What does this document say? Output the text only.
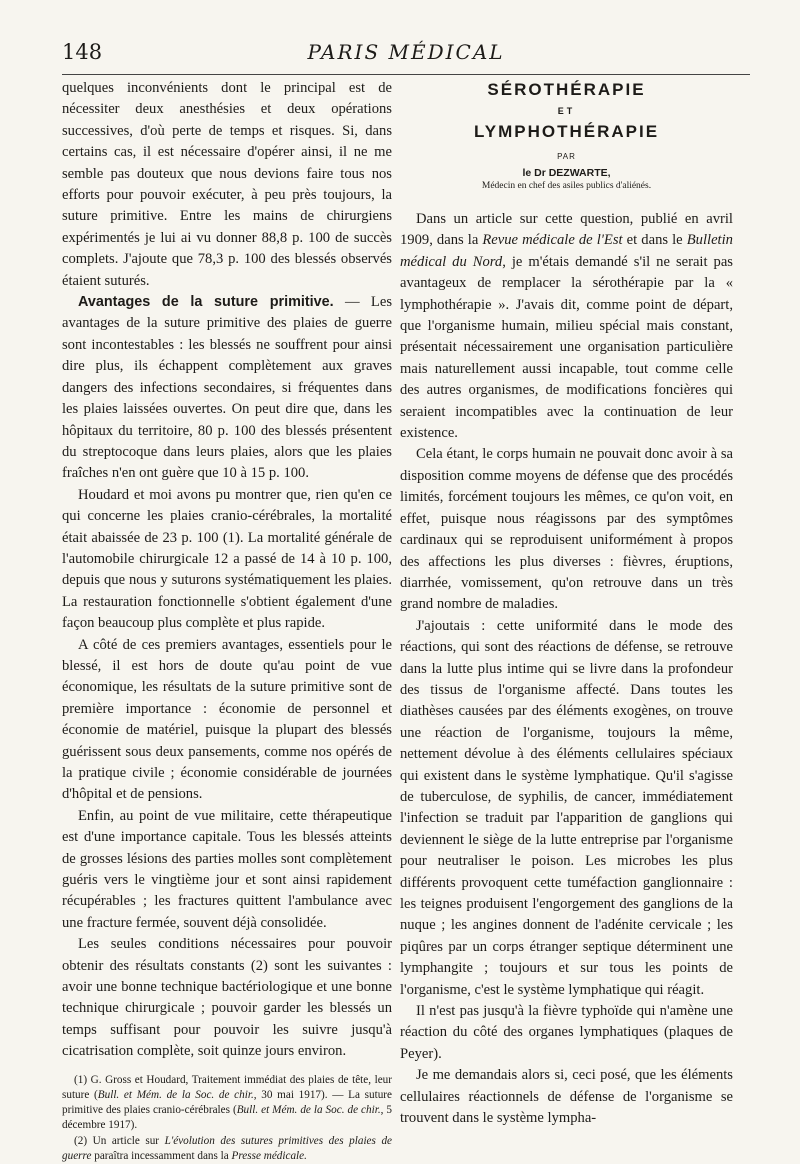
148	PARIS MÉDICAL

quelques inconvénients dont le principal est de nécessiter deux anesthésies et deux opérations successives, d'où perte de temps et risques. Si, dans certains cas, il est nécessaire d'opérer ainsi, il ne me semble pas douteux que nous devions faire tous nos efforts pour pouvoir exécuter, à peu près toujours, la suture primitive. Entre les mains de chirurgiens expérimentés je lui ai vu donner 88,8 p. 100 de succès complets. J'ajoute que 78,3 p. 100 des blessés observés étaient suturés.

Avantages de la suture primitive. — Les avantages de la suture primitive des plaies de guerre sont incontestables : les blessés ne souffrent pour ainsi dire plus, ils échappent complètement aux graves dangers des infections secondaires, si fréquentes dans les plaies laissées ouvertes. On peut dire que, dans les hôpitaux du territoire, 80 p. 100 des blessés présentent du streptocoque dans leurs plaies, alors que les plaies fraîches n'en ont guère que 10 à 15 p. 100.

Houdard et moi avons pu montrer que, rien qu'en ce qui concerne les plaies cranio-cérébrales, la mortalité était abaissée de 23 p. 100 (1). La mortalité générale de l'automobile chirurgicale 12 a passé de 14 à 10 p. 100, depuis que nous y suturons systématiquement les plaies. La restauration fonctionnelle s'obtient également d'une façon beaucoup plus complète et plus rapide.

A côté de ces premiers avantages, essentiels pour le blessé, il est hors de doute qu'au point de vue économique, les résultats de la suture primitive sont de première importance : économie de personnel et économie de matériel, puisque la plupart des blessés guérissent sous deux pansements, comme nos opérés de la pratique civile ; économie considérable de journées d'hôpital et de pensions.

Enfin, au point de vue militaire, cette thérapeutique est d'une importance capitale. Tous les blessés atteints de grosses lésions des parties molles sont complètement guéris vers le vingtième jour et sont ainsi rapidement récupérables ; les fractures quittent l'ambulance avec une fracture fermée, souvent déjà consolidée.

Les seules conditions nécessaires pour pouvoir obtenir des résultats constants (2) sont les suivantes : avoir une bonne technique bactériologique et une bonne technique chirurgicale ; pouvoir garder les blessés un temps suffisant pour pouvoir les suivre jusqu'à cicatrisation complète, soit quinze jours environ.

(1) G. Gross et Houdard, Traitement immédiat des plaies de tête, leur suture (Bull. et Mém. de la Soc. de chir., 30 mai 1917). — La suture primitive des plaies cranio-cérébrales (Bull. et Mém. de la Soc. de chir., 5 décembre 1917).

(2) Un article sur L'évolution des sutures primitives des plaies de guerre paraîtra incessamment dans la Presse médicale.

SÉROTHÉRAPIE
ET
LYMPHOTHÉRAPIE
PAR
le Dr DEZWARTE,
Médecin en chef des asiles publics d'aliénés.

Dans un article sur cette question, publié en avril 1909, dans la Revue médicale de l'Est et dans le Bulletin médical du Nord, je m'étais demandé s'il ne serait pas avantageux de remplacer la sérothérapie par la « lymphothérapie ». J'avais dit, comme point de départ, que l'organisme humain, milieu spécial mais constant, présentait nécessairement une organisation particulière mais naturellement aussi incapable, tout comme celle des autres organismes, de modifications foncières qui seraient incompatibles avec la continuation de leur existence.

Cela étant, le corps humain ne pouvait donc avoir à sa disposition comme moyens de défense que des procédés limités, forcément toujours les mêmes, ce qu'on voit, en effet, puisque nous réagissons par des symptômes cardinaux qui se reproduisent uniformément à propos des affections les plus diverses : fièvres, éruptions, diarrhée, vomissement, qu'on retrouve dans un très grand nombre de maladies.

J'ajoutais : cette uniformité dans le mode des réactions, qui sont des réactions de défense, se retrouve dans la lutte plus intime qui se livre dans la profondeur des tissus de l'organisme affecté. Dans toutes les diathèses causées par des éléments exogènes, on trouve une réaction de l'organisme, toujours la même, nettement dévolue à des éléments cellulaires spéciaux qui existent dans le système lymphatique. Qu'il s'agisse de tuberculose, de syphilis, de cancer, immédiatement l'infection se traduit par l'apparition de ganglions qui deviennent le siège de la lutte entreprise par l'organisme pour neutraliser le poison. Les microbes les plus différents provoquent cette tuméfaction ganglionnaire : les teignes produisent l'engorgement des ganglions de la nuque ; les angines donnent de l'adénite cervicale ; les piqûres par un corps étranger septique déterminent une lymphangite ; toujours et sur tous les points de l'organisme, c'est le système lymphatique qui réagit.

Il n'est pas jusqu'à la fièvre typhoïde qui n'amène une réaction du côté des organes lymphatiques (plaques de Peyer).

Je me demandais alors si, ceci posé, que les éléments cellulaires réactionnels de défense de l'organisme se trouvent dans le système lympha-
